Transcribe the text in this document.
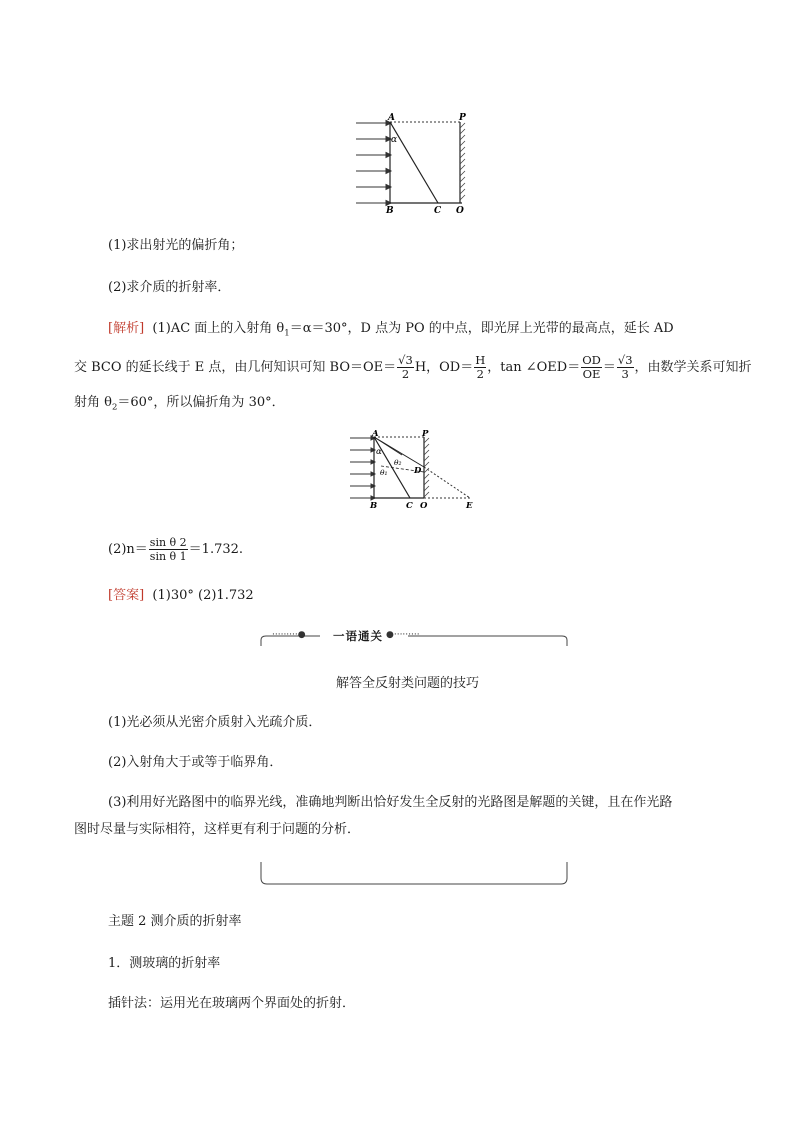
A	P
α
B	C O
(1)求出射光的偏折角；
(2)求介质的折射率．
[解析] (1)AC 面上的入射角 $\theta_1=\alpha=30^\circ$，D 点为 PO 的中点，即光屏上光带的最高点，延长 AD
交 BCO 的延长线于 E 点，由几何知识可知 $BO=OE= \frac{√3}{2}$ H，$OD= \frac{H}{2}$ ，tan ∠OED＝ $\frac{OD}{OE} = \frac{√3}{3}$ ，由数学关系可知折
射角 $\theta_2=60^\circ$，所以偏折角为 30°．
A	P
α
θ₂
D
θ₁
B	C O	E
$(2)n= \frac{\text{sin θ 2}}{\text{sin θ 1}} =1.732$.
[答案] (1)30° (2)1.732
·········●	●·········
一语通关
解答全反射类问题的技巧
(1)光必须从光密介质射入光疏介质．
(2)入射角大于或等于临界角．
(3)利用好光路图中的临界光线，准确地判断出恰好发生全反射的光路图是解题的关键，且在作光路
图时尽量与实际相符，这样更有利于问题的分析．
主题 2 测介质的折射率
1．测玻璃的折射率
插针法：运用光在玻璃两个界面处的折射．
